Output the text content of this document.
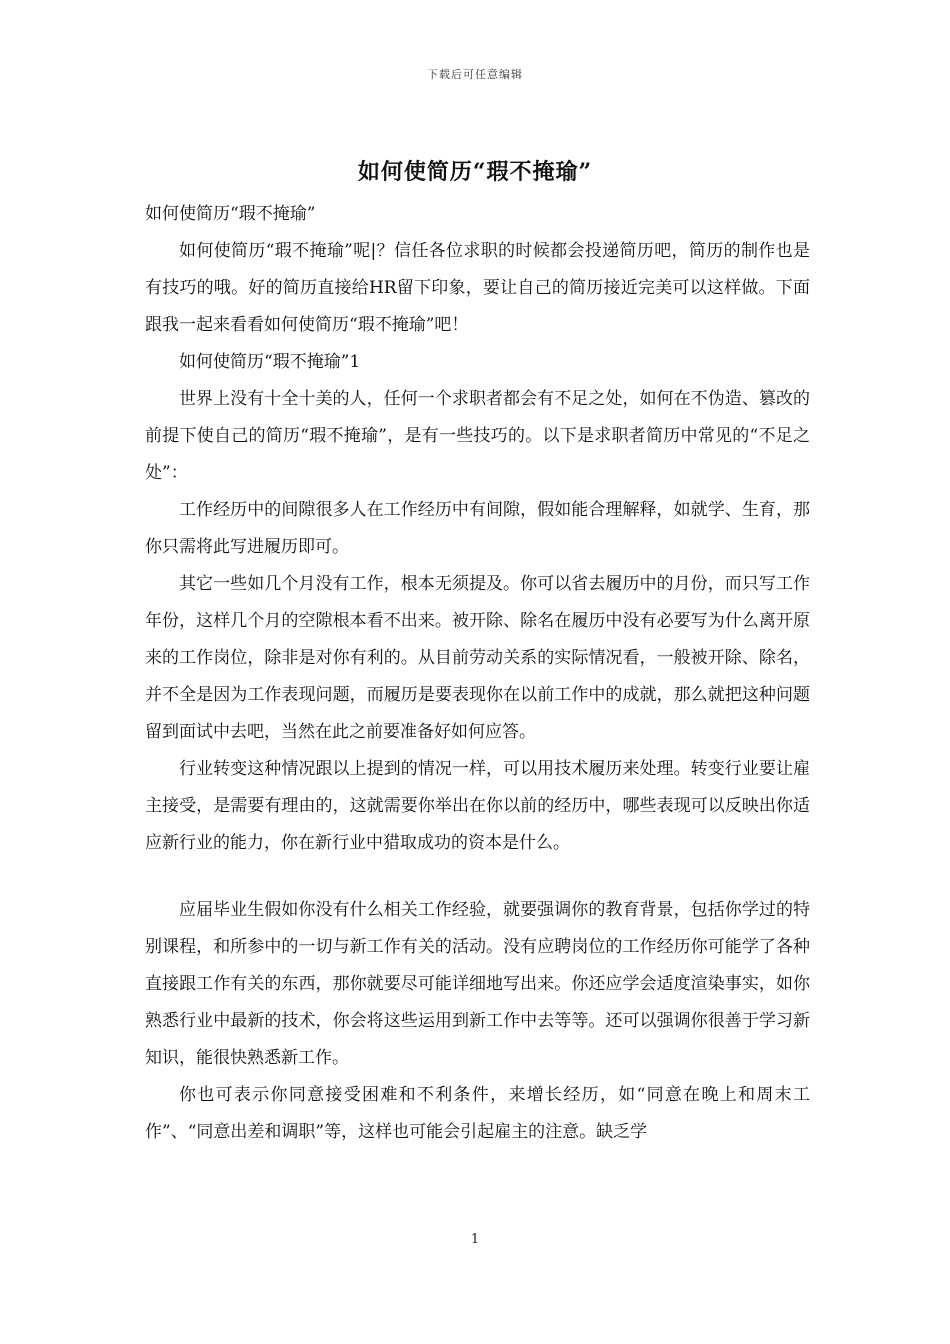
下载后可任意编辑
如何使简历“瑕不掩瑜”

如何使简历“瑕不掩瑜”

如何使简历“瑕不掩瑜”呢|？信任各位求职的时候都会投递简历吧，简历的制作也是有技巧的哦。好的简历直接给HR留下印象，要让自己的简历接近完美可以这样做。下面跟我一起来看看如何使简历“瑕不掩瑜”吧！

如何使简历“瑕不掩瑜”1

世界上没有十全十美的人，任何一个求职者都会有不足之处，如何在不伪造、篡改的前提下使自己的简历“瑕不掩瑜”，是有一些技巧的。以下是求职者简历中常见的“不足之处”：

工作经历中的间隙很多人在工作经历中有间隙，假如能合理解释，如就学、生育，那你只需将此写进履历即可。

其它一些如几个月没有工作，根本无须提及。你可以省去履历中的月份，而只写工作年份，这样几个月的空隙根本看不出来。被开除、除名在履历中没有必要写为什么离开原来的工作岗位，除非是对你有利的。从目前劳动关系的实际情况看，一般被开除、除名，并不全是因为工作表现问题，而履历是要表现你在以前工作中的成就，那么就把这种问题留到面试中去吧，当然在此之前要准备好如何应答。

行业转变这种情况跟以上提到的情况一样，可以用技术履历来处理。转变行业要让雇主接受，是需要有理由的，这就需要你举出在你以前的经历中，哪些表现可以反映出你适应新行业的能力，你在新行业中猎取成功的资本是什么。

应届毕业生假如你没有什么相关工作经验，就要强调你的教育背景，包括你学过的特别课程，和所参中的一切与新工作有关的活动。没有应聘岗位的工作经历你可能学了各种直接跟工作有关的东西，那你就要尽可能详细地写出来。你还应学会适度渲染事实，如你熟悉行业中最新的技术，你会将这些运用到新工作中去等等。还可以强调你很善于学习新知识，能很快熟悉新工作。

你也可表示你同意接受困难和不利条件，来增长经历，如“同意在晚上和周末工作”、“同意出差和调职”等，这样也可能会引起雇主的注意。缺乏学

1
